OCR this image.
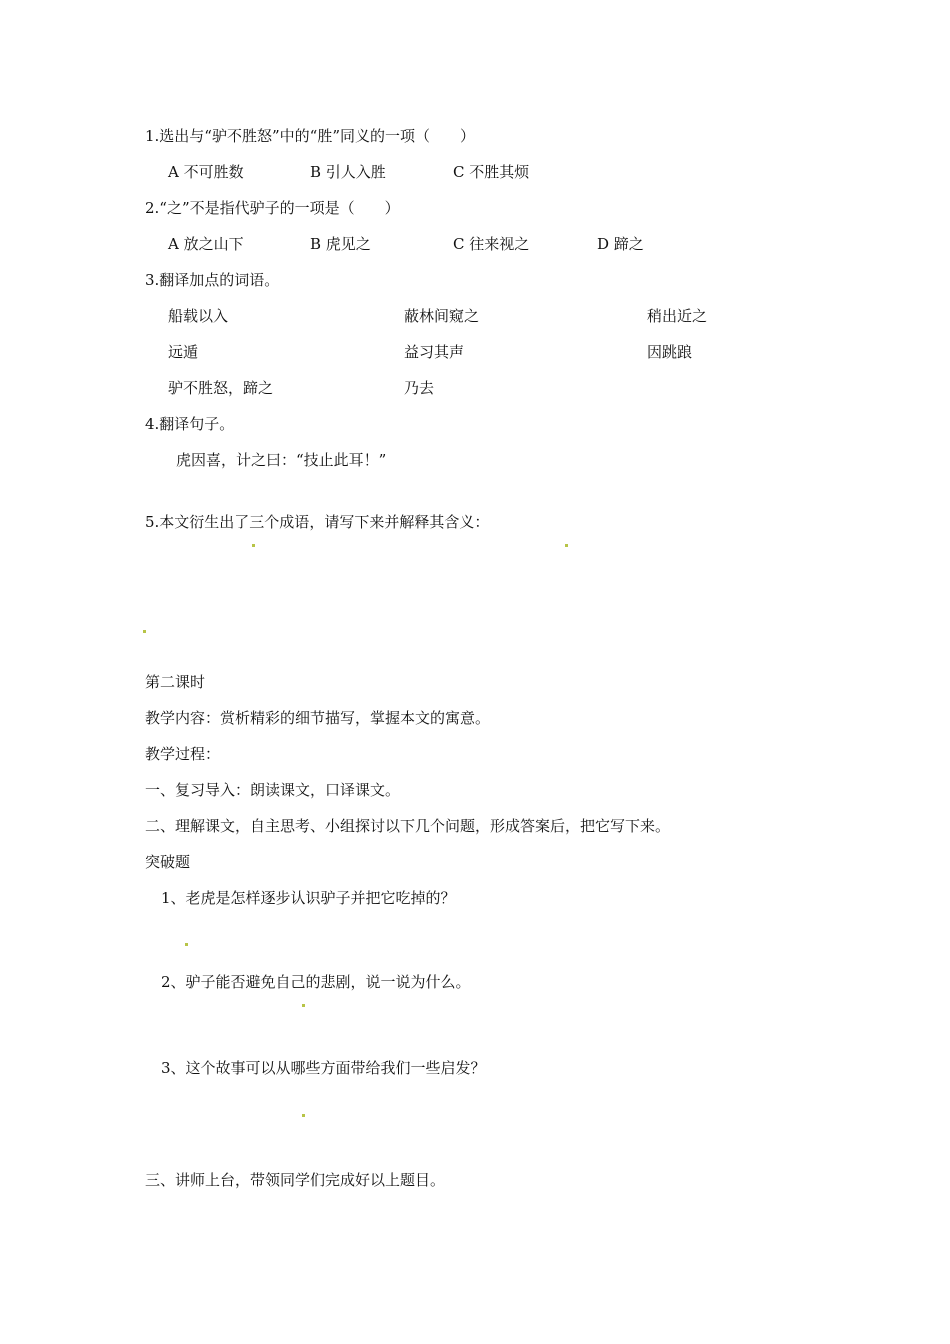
1.选出与“驴不胜怒”中的“胜”同义的一项（　　）
A 不可胜数	B 引人入胜	C 不胜其烦
2.“之”不是指代驴子的一项是（　　）
A 放之山下	B 虎见之	C 往来视之	D 蹄之
3.翻译加点的词语。
船载以入	蔽林间窥之	稍出近之
远遁	益习其声	因跳踉
驴不胜怒，蹄之	乃去
4.翻译句子。
虎因喜，计之曰：“技止此耳！”
5.本文衍生出了三个成语，请写下来并解释其含义：
第二课时
教学内容：赏析精彩的细节描写，掌握本文的寓意。
教学过程：
一、复习导入：朗读课文，口译课文。
二、理解课文，自主思考、小组探讨以下几个问题，形成答案后，把它写下来。
突破题
1、老虎是怎样逐步认识驴子并把它吃掉的？
2、驴子能否避免自己的悲剧，说一说为什么。
3、这个故事可以从哪些方面带给我们一些启发？
三、讲师上台，带领同学们完成好以上题目。
